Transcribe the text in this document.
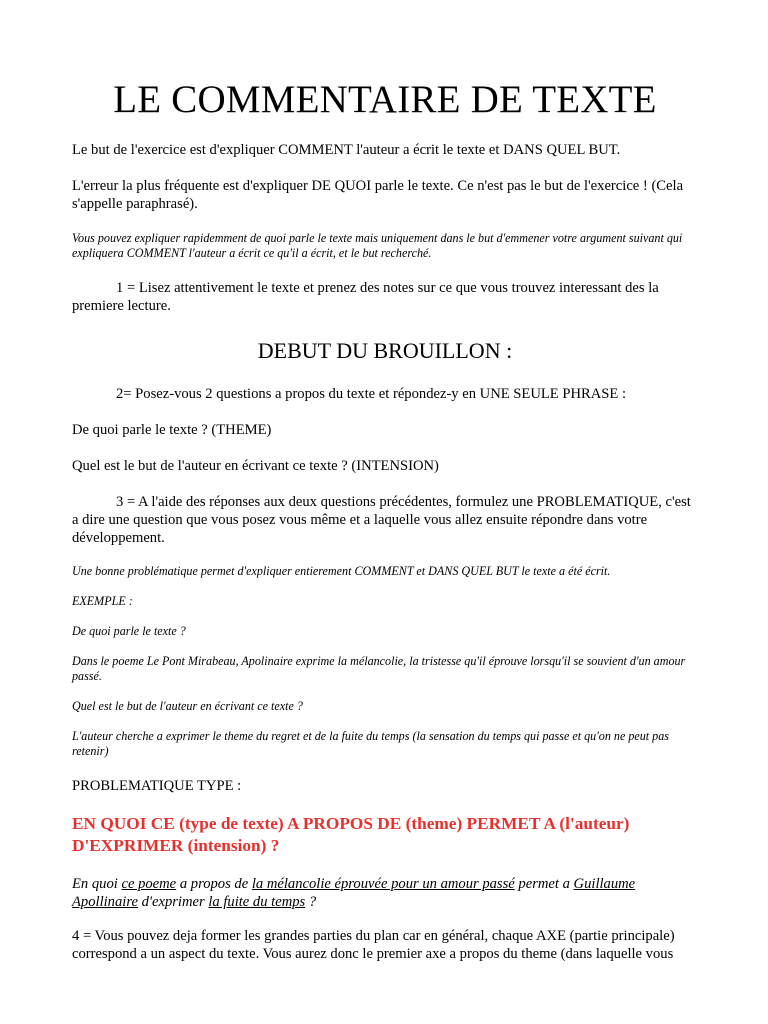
LE COMMENTAIRE DE TEXTE

Le but de l'exercice est d'expliquer COMMENT l'auteur a écrit le texte et DANS QUEL BUT.

L'erreur la plus fréquente est d'expliquer DE QUOI parle le texte. Ce n'est pas le but de l'exercice ! (Cela s'appelle paraphrasé).

Vous pouvez expliquer rapidemment de quoi parle le texte mais uniquement dans le but d'emmener votre argument suivant qui expliquera COMMENT l'auteur a écrit ce qu'il a écrit, et le but recherché.

1 = Lisez attentivement le texte et prenez des notes sur ce que vous trouvez interessant des la premiere lecture.

DEBUT DU BROUILLON :

2= Posez-vous 2 questions a propos du texte et répondez-y en UNE SEULE PHRASE :

De quoi parle le texte ? (THEME)

Quel est le but de l'auteur en écrivant ce texte ? (INTENSION)

3 = A l'aide des réponses aux deux questions précédentes, formulez une PROBLEMATIQUE, c'est a dire une question que vous posez vous même et a laquelle vous allez ensuite répondre dans votre développement.

Une bonne problématique permet d'expliquer entierement COMMENT et DANS QUEL BUT le texte a été écrit.

EXEMPLE :

De quoi parle le texte ?

Dans le poeme Le Pont Mirabeau, Apolinaire exprime la mélancolie, la tristesse qu'il éprouve lorsqu'il se souvient d'un amour passé.

Quel est le but de l'auteur en écrivant ce texte ?

L'auteur cherche a exprimer le theme du regret et de la fuite du temps (la sensation du temps qui passe et qu'on ne peut pas retenir)

PROBLEMATIQUE TYPE :

EN QUOI CE (type de texte) A PROPOS DE (theme) PERMET A (l'auteur) D'EXPRIMER (intension) ?

En quoi ce poeme a propos de la mélancolie éprouvée pour un amour passé permet a Guillaume Apollinaire d'exprimer la fuite du temps ?

4 = Vous pouvez deja former les grandes parties du plan car en général, chaque AXE (partie principale) correspond a un aspect du texte. Vous aurez donc le premier axe a propos du theme (dans laquelle vous
